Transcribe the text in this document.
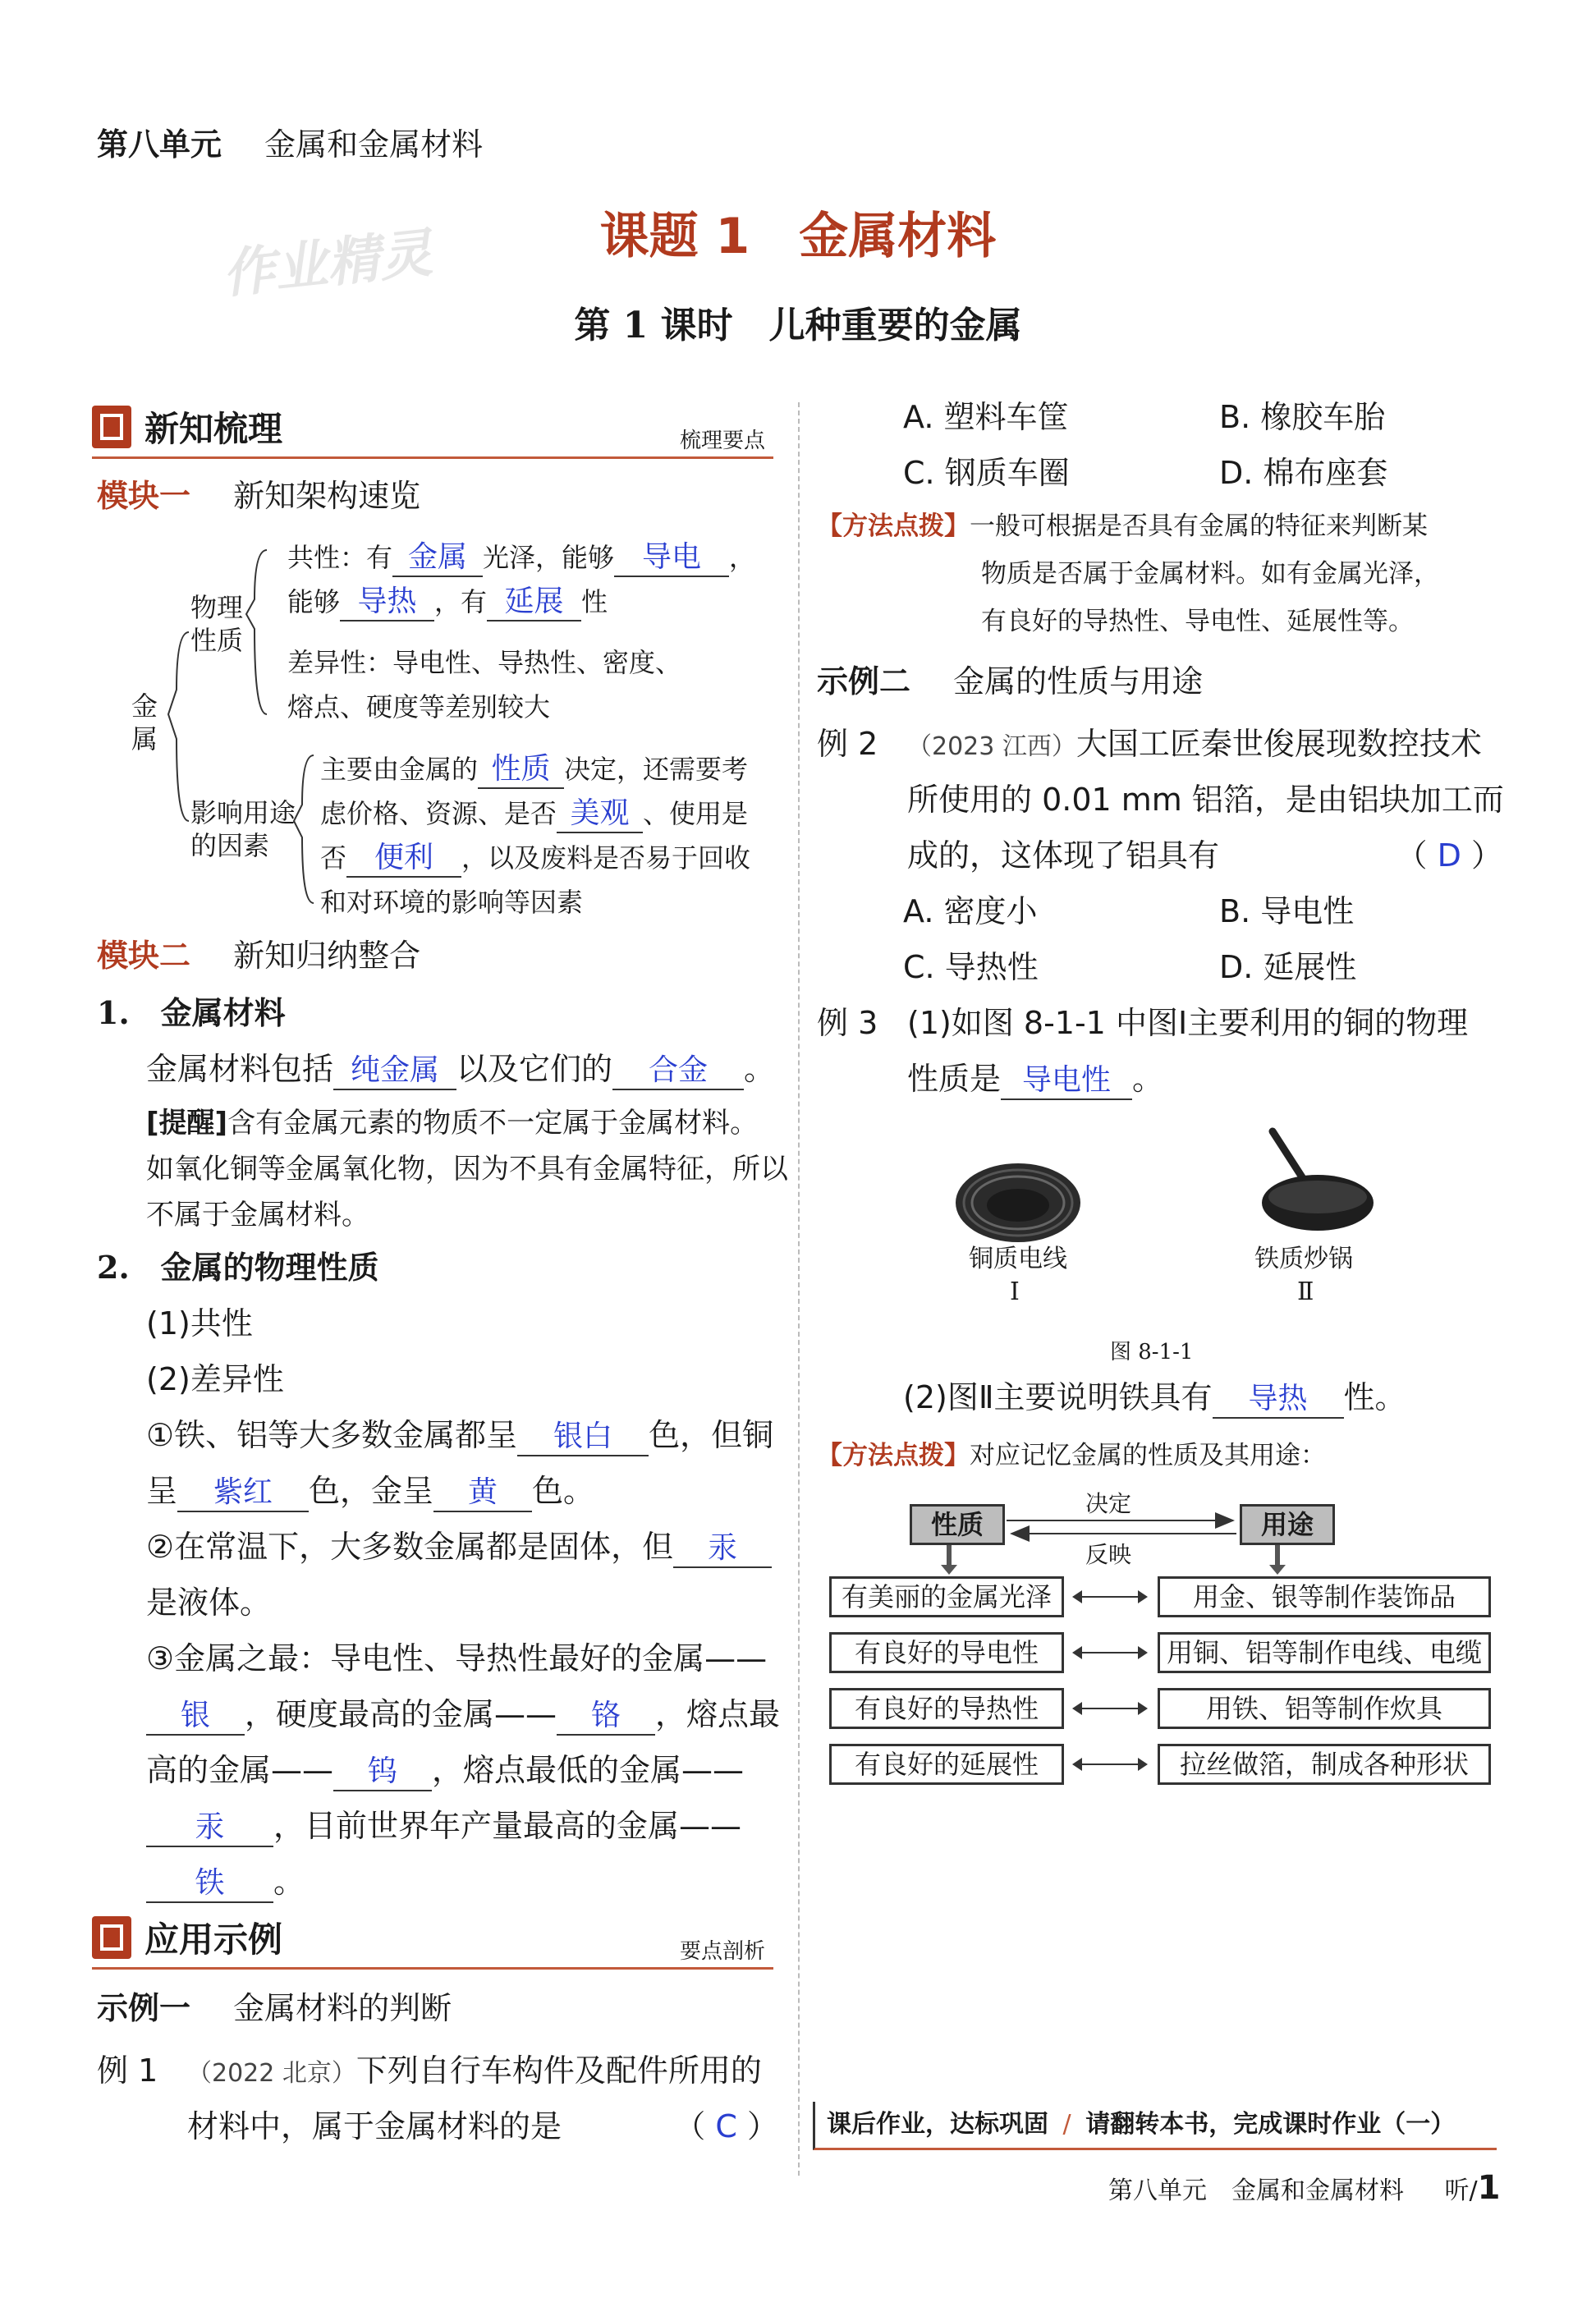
第八单元 金属和金属材料
作业精灵	课题 1　金属材料
第 1 课时　儿种重要的金属
新知梳理	梳理要点
模块一 新知架构速览
金属
物理性质
影响用途的因素
共性：有 金属 光泽，能够 导电 ，
能够 导热 ，有 延展 性
差异性：导电性、导热性、密度、
熔点、硬度等差别较大
主要由金属的 性质 决定，还需要考
虑价格、资源、是否 美观 、使用是
否 便利 ，以及废料是否易于回收
和对环境的影响等因素
模块二 新知归纳整合
1.　金属材料
金属材料包括 纯金属 以及它们的 合金 。
[提醒]含有金属元素的物质不一定属于金属材料。
如氧化铜等金属氧化物，因为不具有金属特征，所以
不属于金属材料。
2.　金属的物理性质
(1)共性
(2)差异性
①铁、铝等大多数金属都呈 银白 色，但铜
呈 紫红 色，金呈 黄 色。
②在常温下，大多数金属都是固体，但 汞
是液体。
③金属之最：导电性、导热性最好的金属——
银 ，硬度最高的金属—— 铬 ，熔点最
高的金属—— 钨 ，熔点最低的金属——
汞 ，目前世界年产量最高的金属——
铁 。
应用示例	要点剖析
示例一 金属材料的判断
例 1 （2022 北京）下列自行车构件及配件所用的
材料中，属于金属材料的是	（ C ）
A. 塑料车筐	B. 橡胶车胎
C. 钢质车圈	D. 棉布座套
【方法点拨】一般可根据是否具有金属的特征来判断某
物质是否属于金属材料。如有金属光泽，
有良好的导热性、导电性、延展性等。
示例二 金属的性质与用途
例 2 （2023 江西）大国工匠秦世俊展现数控技术
所使用的 0.01 mm 铝箔，是由铝块加工而
成的，这体现了铝具有	（ D ）
A. 密度小	B. 导电性
C. 导热性	D. 延展性
例 3 (1)如图 8-1-1 中图Ⅰ主要利用的铜的物理
性质是 导电性 。
铜质电线
Ⅰ
铁质炒锅
Ⅱ
图 8-1-1
(2)图Ⅱ主要说明铁具有 导热 性。
【方法点拨】对应记忆金属的性质及其用途：
性质	用途
决定
反映
有美丽的金属光泽	用金、银等制作装饰品
有良好的导电性	用铜、铝等制作电线、电缆
有良好的导热性	用铁、铝等制作炊具
有良好的延展性	拉丝做箔，制成各种形状
课后作业，达标巩固 / 请翻转本书，完成课时作业（一）
第八单元　金属和金属材料 听/1
